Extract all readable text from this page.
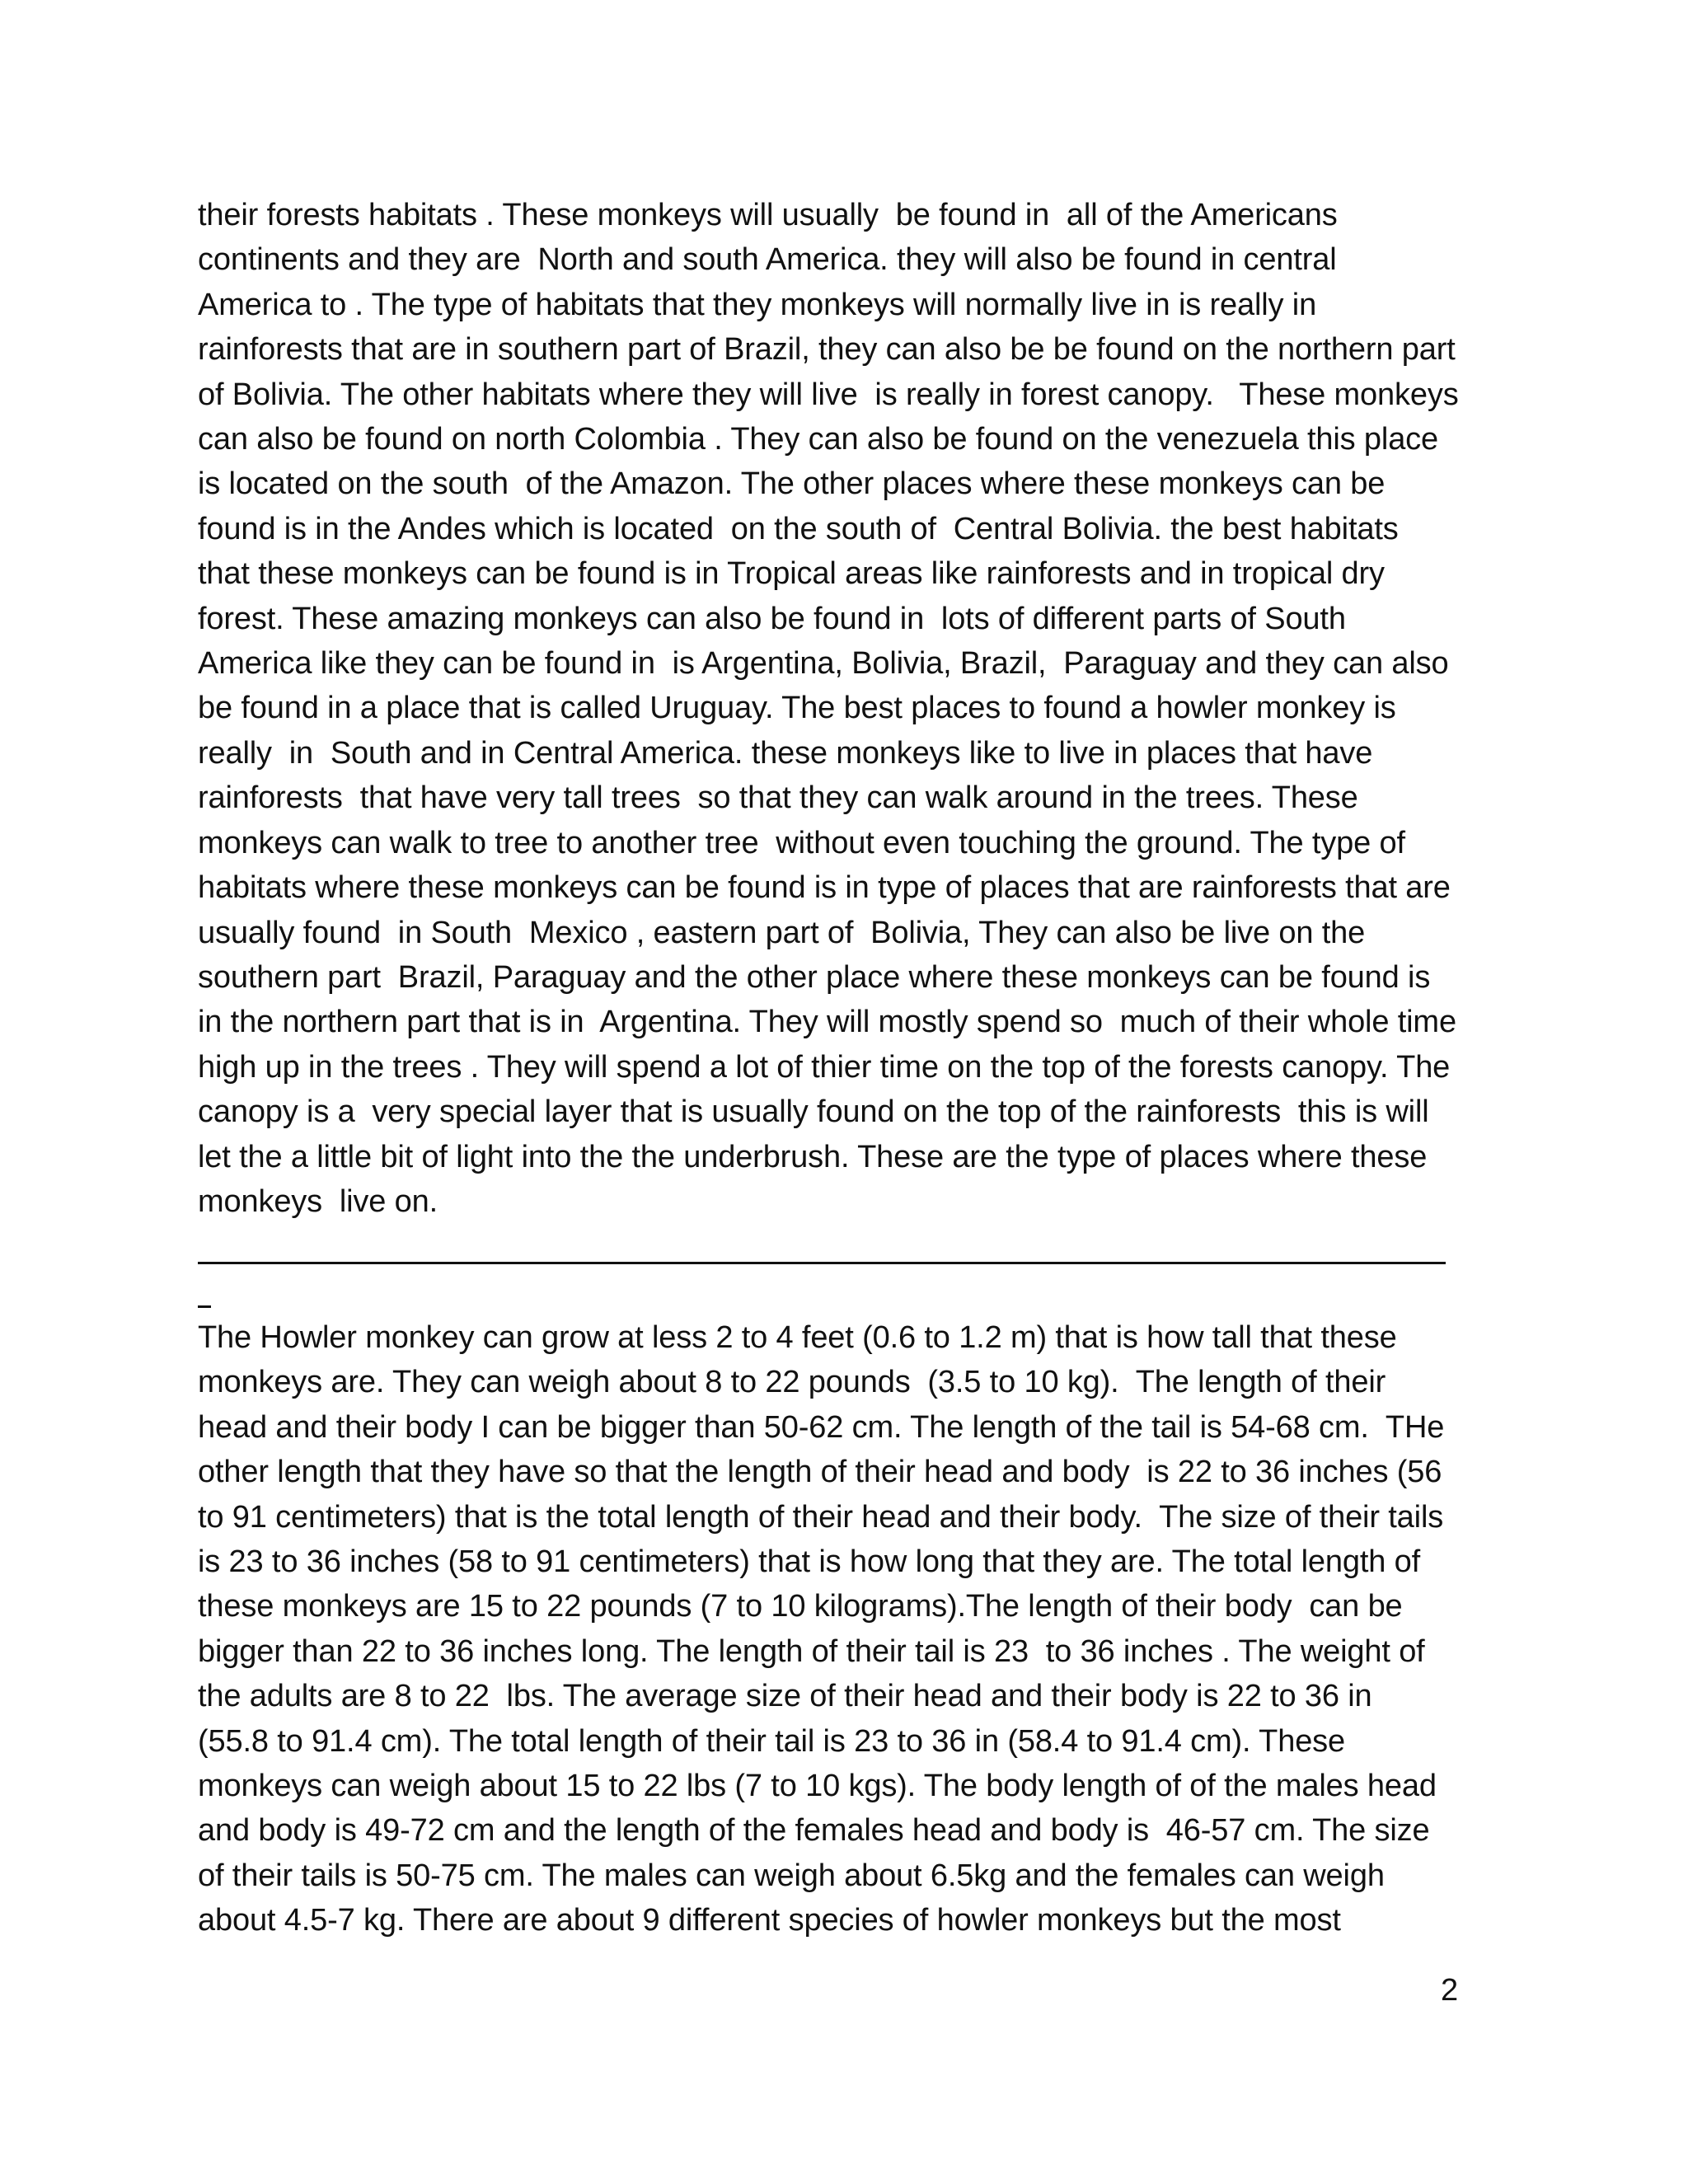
their forests habitats . These monkeys will usually  be found in  all of the Americans
continents and they are  North and south America. they will also be found in central
America to . The type of habitats that they monkeys will normally live in is really in
rainforests that are in southern part of Brazil, they can also be be found on the northern part
of Bolivia. The other habitats where they will live  is really in forest canopy.   These monkeys
can also be found on north Colombia . They can also be found on the venezuela this place
is located on the south  of the Amazon. The other places where these monkeys can be
found is in the Andes which is located  on the south of  Central Bolivia. the best habitats
that these monkeys can be found is in Tropical areas like rainforests and in tropical dry
forest. These amazing monkeys can also be found in  lots of different parts of South
America like they can be found in  is Argentina, Bolivia, Brazil,  Paraguay and they can also
be found in a place that is called Uruguay. The best places to found a howler monkey is
really  in  South and in Central America. these monkeys like to live in places that have
rainforests  that have very tall trees  so that they can walk around in the trees. These
monkeys can walk to tree to another tree  without even touching the ground. The type of
habitats where these monkeys can be found is in type of places that are rainforests that are
usually found  in South  Mexico , eastern part of  Bolivia, They can also be live on the
southern part  Brazil, Paraguay and the other place where these monkeys can be found is
in the northern part that is in  Argentina. They will mostly spend so  much of their whole time
high up in the trees . They will spend a lot of thier time on the top of the forests canopy. The
canopy is a  very special layer that is usually found on the top of the rainforests  this is will
let the a little bit of light into the the underbrush. These are the type of places where these
monkeys  live on.
The Howler monkey can grow at less 2 to 4 feet (0.6 to 1.2 m) that is how tall that these
monkeys are. They can weigh about 8 to 22 pounds  (3.5 to 10 kg).  The length of their
head and their body I can be bigger than 50-62 cm. The length of the tail is 54-68 cm.  THe
other length that they have so that the length of their head and body  is 22 to 36 inches (56
to 91 centimeters) that is the total length of their head and their body.  The size of their tails
is 23 to 36 inches (58 to 91 centimeters) that is how long that they are. The total length of
these monkeys are 15 to 22 pounds (7 to 10 kilograms).The length of their body  can be
bigger than 22 to 36 inches long. The length of their tail is 23  to 36 inches . The weight of
the adults are 8 to 22  lbs. The average size of their head and their body is 22 to 36 in
(55.8 to 91.4 cm). The total length of their tail is 23 to 36 in (58.4 to 91.4 cm). These
monkeys can weigh about 15 to 22 lbs (7 to 10 kgs). The body length of of the males head
and body is 49-72 cm and the length of the females head and body is  46-57 cm. The size
of their tails is 50-75 cm. The males can weigh about 6.5kg and the females can weigh
about 4.5-7 kg. There are about 9 different species of howler monkeys but the most
2
